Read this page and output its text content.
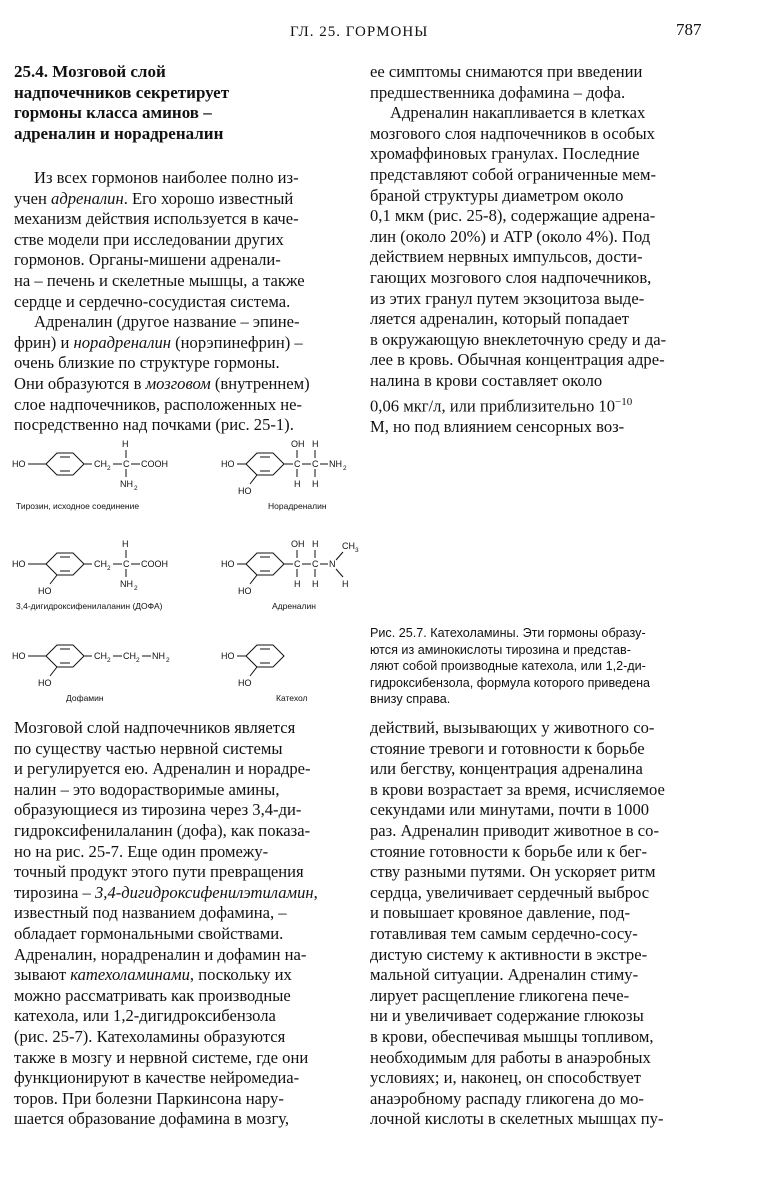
ГЛ. 25. ГОРМОНЫ	787
25.4. Мозговой слой
надпочечников секретирует
гормоны класса аминов –
адреналин и норадреналин

Из всех гормонов наиболее полно из-
учен адреналин. Его хорошо известный
механизм действия используется в каче-
стве модели при исследовании других
гормонов. Органы-мишени адренали-
на – печень и скелетные мышцы, а также
сердце и сердечно-сосудистая система.

Адреналин (другое название – эпине-
фрин) и норадреналин (норэпинефрин) –
очень близкие по структуре гормоны.
Они образуются в мозговом (внутреннем)
слое надпочечников, расположенных не-
посредственно над почками (рис. 25-1).

ее симптомы снимаются при введении
предшественника дофамина – дофа.

Адреналин накапливается в клетках
мозгового слоя надпочечников в особых
хромаффиновых гранулах. Последние
представляют собой ограниченные мем-
браной структуры диаметром около
0,1 мкм (рис. 25-8), содержащие адрена-
лин (около 20%) и ATP (около 4%). Под
действием нервных импульсов, дости-
гающих мозгового слоя надпочечников,
из этих гранул путем экзоцитоза выде-
ляется адреналин, который попадает
в окружающую внеклеточную среду и да-
лее в кровь. Обычная концентрация адре-
налина в крови составляет около
0,06 мкг/л, или приблизительно $10^{-10}$
М, но под влиянием сенсорных воз-

HO	CH 2 C
H
COOH
NH 2
Тирозин, исходное соединение
HO
HO
C
OH
H
C
H
H
NH 2
Норадреналин
HO
HO
CH 2 C
H
COOH
NH 2
3,4-дигидроксифенилаланин (ДОФА)
HO
HO
C
OH
H
C
H
H
N
CH 3
H
Адреналин
HO
HO
CH 2 CH 2 NH 2
Дофамин
HO
HO
Катехол
Рис. 25.7. Катехоламины. Эти гормоны образу-
ются из аминокислоты тирозина и представ-
ляют собой производные катехола, или 1,2-ди-
гидроксибензола, формула которого приведена
внизу справа.

Мозговой слой надпочечников является
по существу частью нервной системы
и регулируется ею. Адреналин и норадре-
налин – это водорастворимые амины,
образующиеся из тирозина через 3,4-ди-
гидроксифенилаланин (дофа), как показа-
но на рис. 25-7. Еще один промежу-
точный продукт этого пути превращения
тирозина – 3,4-дигидроксифенилэтиламин,
известный под названием дофамина, –
обладает гормональными свойствами.
Адреналин, норадреналин и дофамин на-
зывают катехоламинами, поскольку их
можно рассматривать как производные
катехола, или 1,2-дигидроксибензола
(рис. 25-7). Катехоламины образуются
также в мозгу и нервной системе, где они
функционируют в качестве нейромедиа-
торов. При болезни Паркинсона нару-
шается образование дофамина в мозгу,

действий, вызывающих у животного со-
стояние тревоги и готовности к борьбе
или бегству, концентрация адреналина
в крови возрастает за время, исчисляемое
секундами или минутами, почти в 1000
раз. Адреналин приводит животное в со-
стояние готовности к борьбе или к бег-
ству разными путями. Он ускоряет ритм
сердца, увеличивает сердечный выброс
и повышает кровяное давление, под-
готавливая тем самым сердечно-сосу-
дистую систему к активности в экстре-
мальной ситуации. Адреналин стиму-
лирует расщепление гликогена пече-
ни и увеличивает содержание глюкозы
в крови, обеспечивая мышцы топливом,
необходимым для работы в анаэробных
условиях; и, наконец, он способствует
анаэробному распаду гликогена до мо-
лочной кислоты в скелетных мышцах пу-
